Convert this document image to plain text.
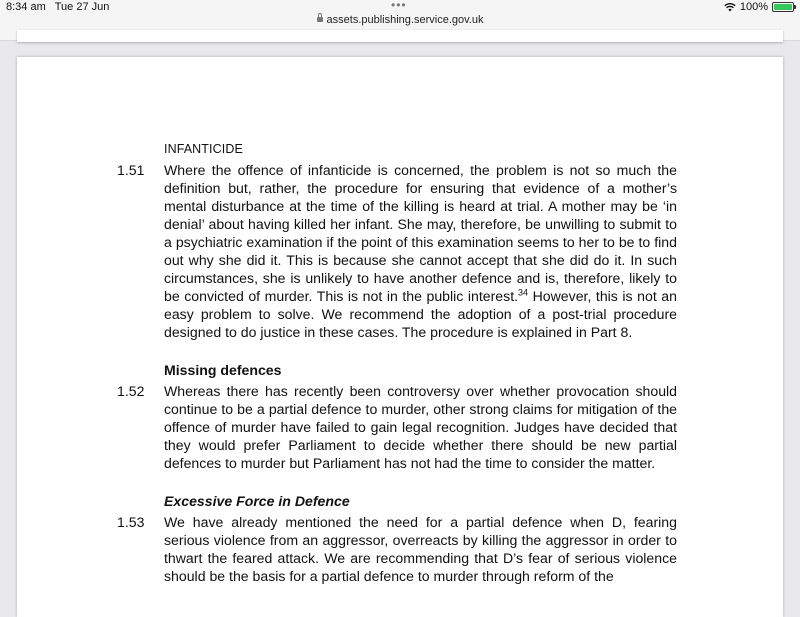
8:34 am Tue 27 Jun	•••
assets.publishing.service.gov.uk
100%
INFANTICIDE
1.51	Where the offence of infanticide is concerned, the problem is not so much the definition but, rather, the procedure for ensuring that evidence of a mother’s mental disturbance at the time of the killing is heard at trial. A mother may be ‘in denial’ about having killed her infant. She may, therefore, be unwilling to submit to a psychiatric examination if the point of this examination seems to her to be to find out why she did it. This is because she cannot accept that she did do it. In such circumstances, she is unlikely to have another defence and is, therefore, likely to be convicted of murder. This is not in the public interest.$^{34}$ However, this is not an easy problem to solve. We recommend the adoption of a post-trial procedure designed to do justice in these cases. The procedure is explained in Part 8.
Missing defences
1.52	Whereas there has recently been controversy over whether provocation should continue to be a partial defence to murder, other strong claims for mitigation of the offence of murder have failed to gain legal recognition. Judges have decided that they would prefer Parliament to decide whether there should be new partial defences to murder but Parliament has not had the time to consider the matter.
Excessive Force in Defence
1.53	We have already mentioned the need for a partial defence when D, fearing serious violence from an aggressor, overreacts by killing the aggressor in order to thwart the feared attack. We are recommending that D’s fear of serious violence should be the basis for a partial defence to murder through reform of the
